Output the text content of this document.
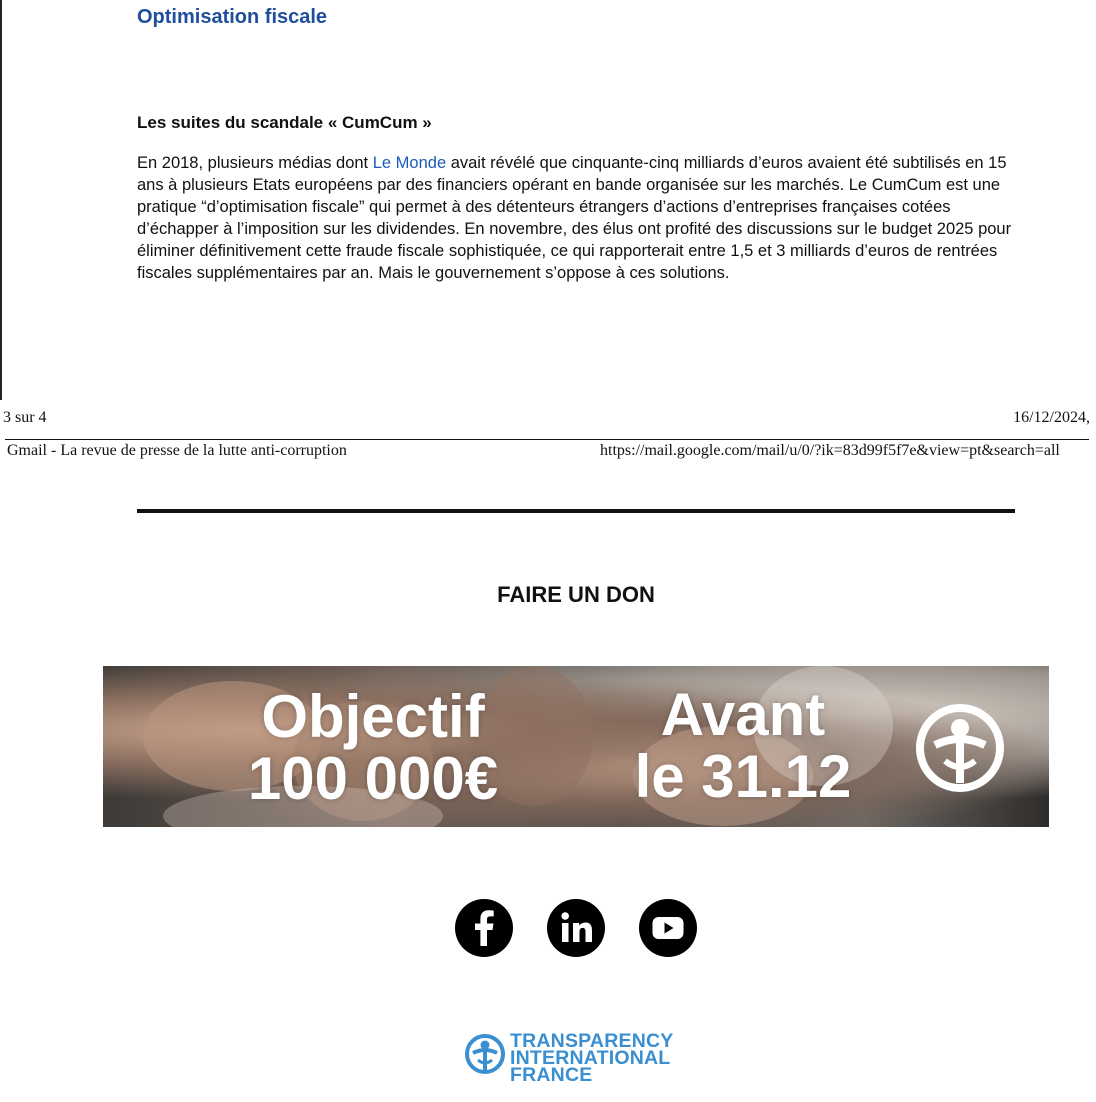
Optimisation fiscale
Les suites du scandale « CumCum »
En 2018, plusieurs médias dont Le Monde avait révélé que cinquante-cinq milliards d’euros avaient été subtilisés en 15 ans à plusieurs Etats européens par des financiers opérant en bande organisée sur les marchés. Le CumCum est une pratique “d’optimisation fiscale” qui permet à des détenteurs étrangers d’actions d’entreprises françaises cotées d’échapper à l’imposition sur les dividendes. En novembre, des élus ont profité des discussions sur le budget 2025 pour éliminer définitivement cette fraude fiscale sophistiquée, ce qui rapporterait entre 1,5 et 3 milliards d’euros de rentrées fiscales supplémentaires par an. Mais le gouvernement s’oppose à ces solutions.
3 sur 4	16/12/2024,
Gmail - La revue de presse de la lutte anti-corruption	https://mail.google.com/mail/u/0/?ik=83d99f5f7e&view=pt&search=all
FAIRE UN DON
Objectif
100 000€
Avant
le 31.12
TRANSPARENCY
INTERNATIONAL
FRANCE
